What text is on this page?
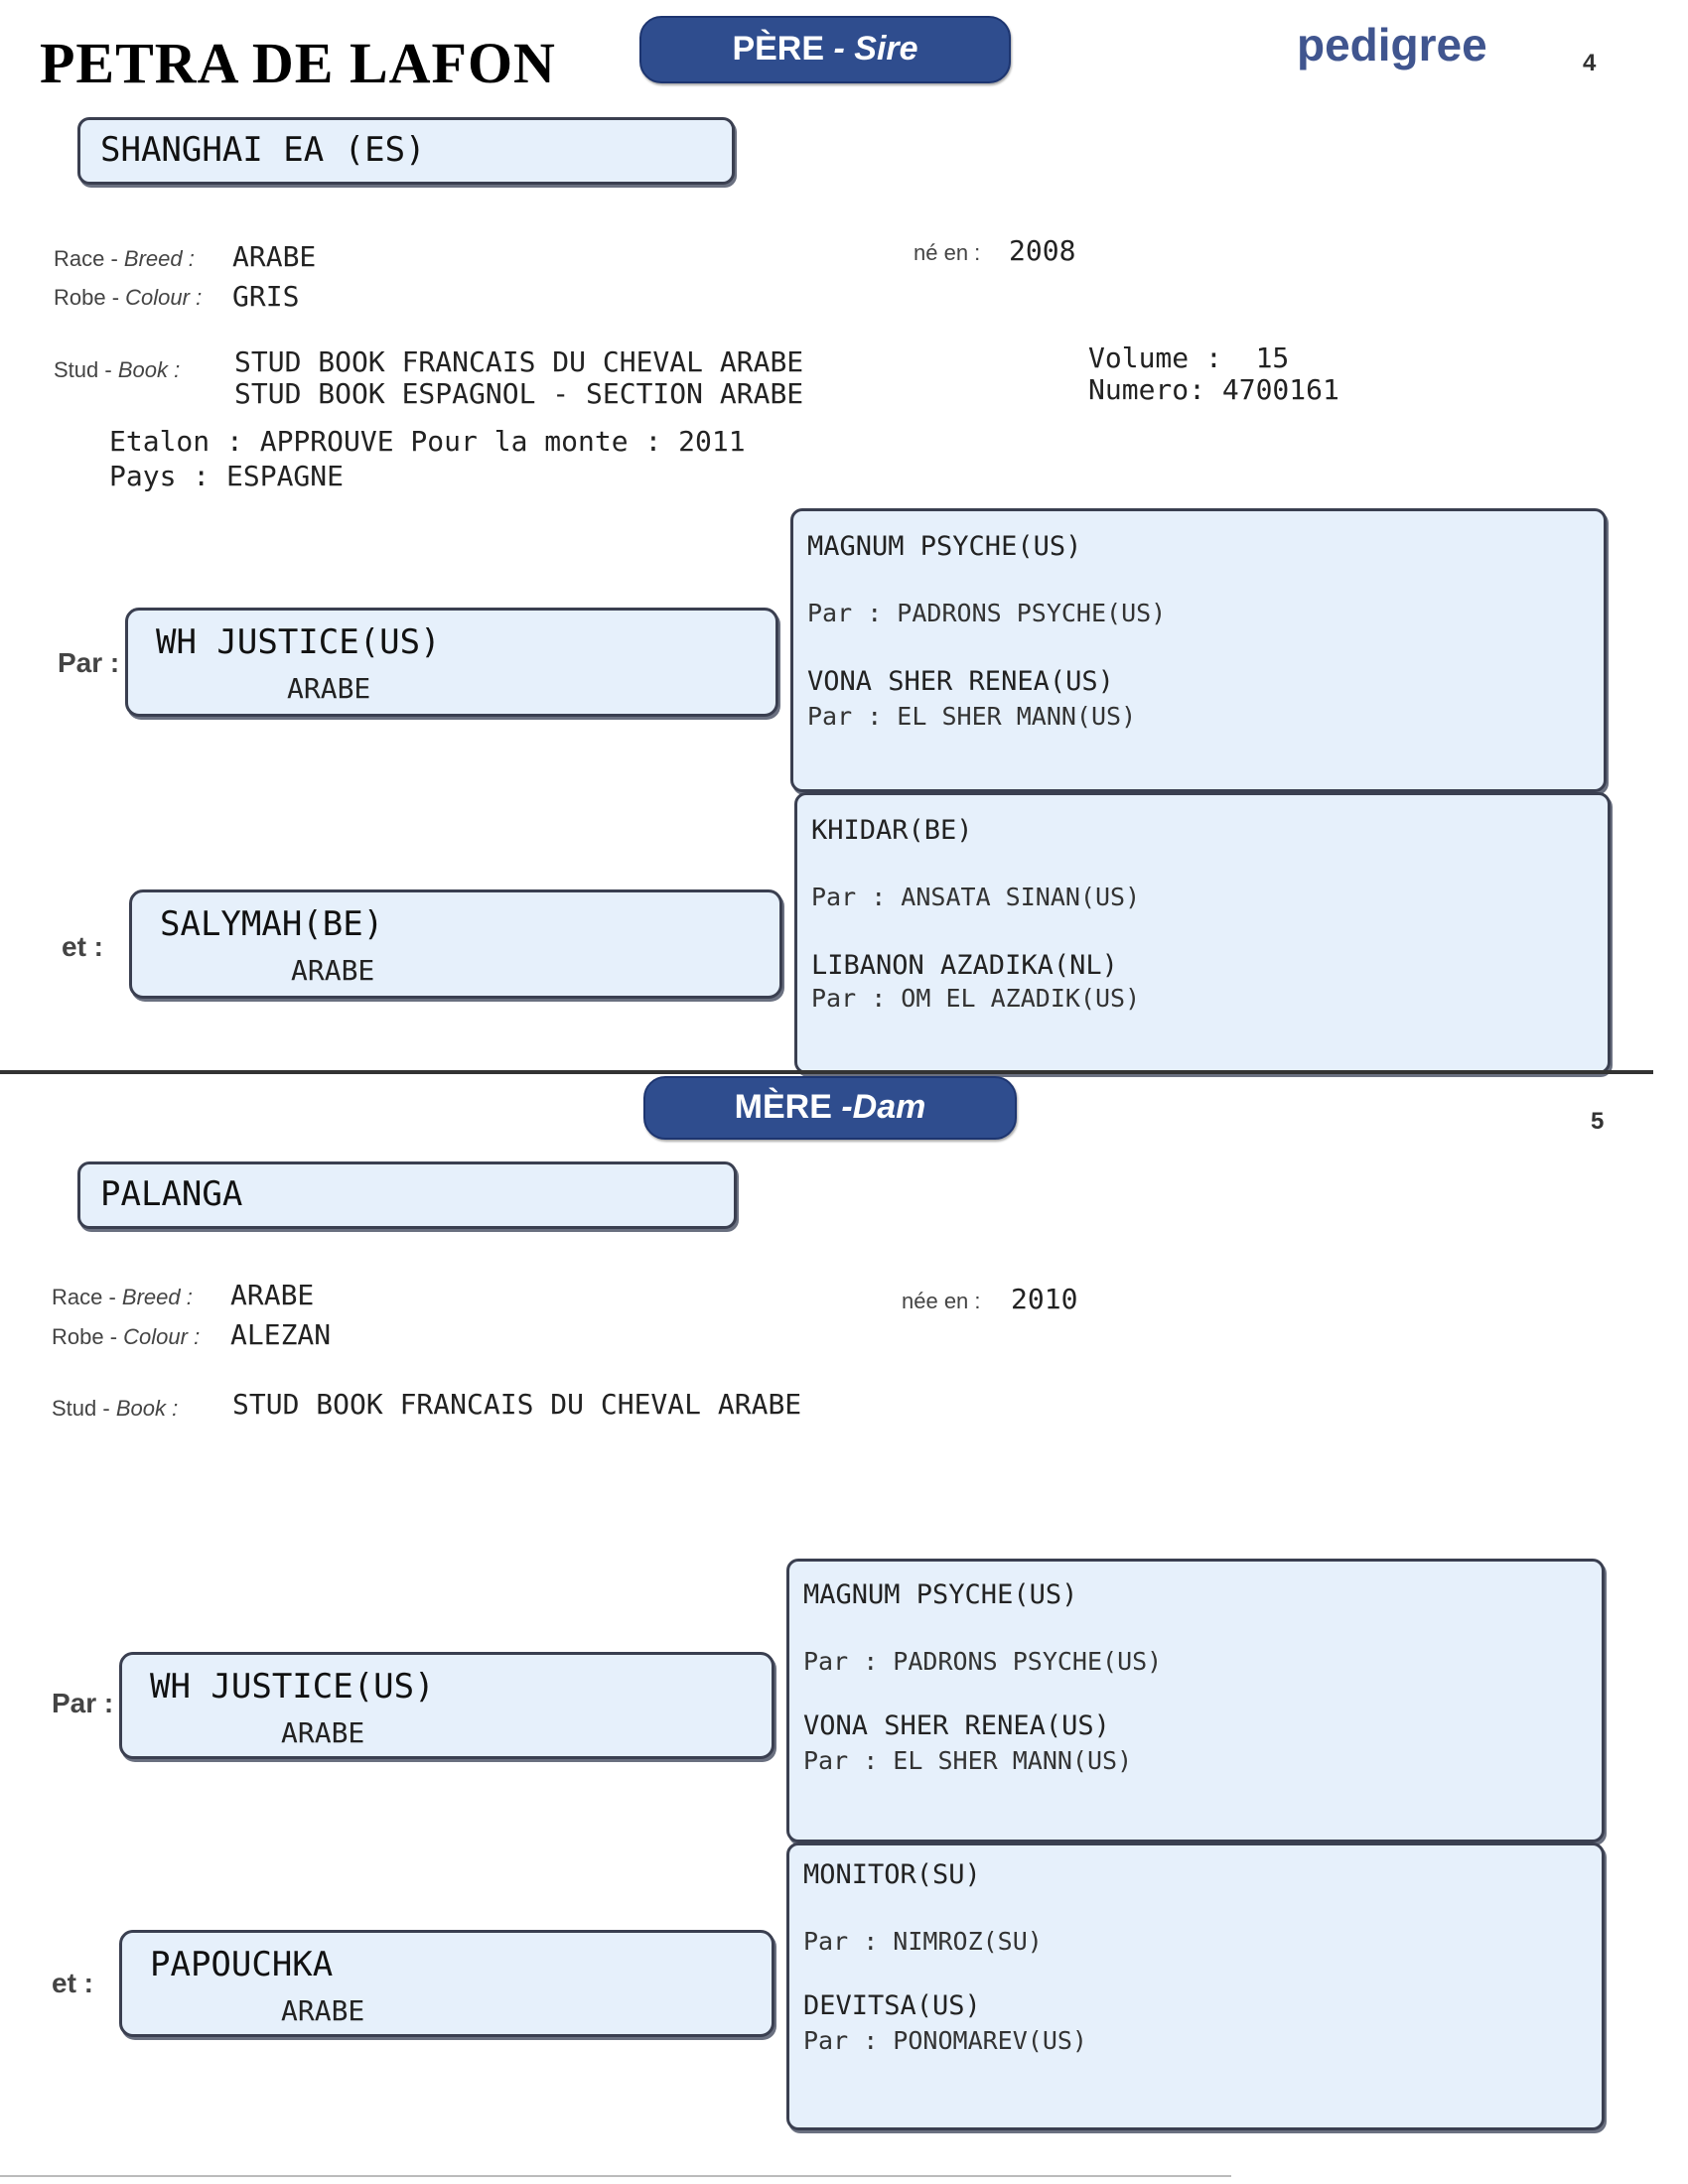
PETRA DE LAFON	PÈRE - Sire	pedigree	4
SHANGHAI EA (ES)
Race - Breed : ARABE
Robe - Colour : GRIS
né en : 2008
Stud - Book : STUD BOOK FRANCAIS DU CHEVAL ARABE
STUD BOOK ESPAGNOL - SECTION ARABE
Volume :  15
Numero: 4700161
Etalon : APPROUVE Pour la monte : 2011
Pays : ESPAGNE
Par :
WH JUSTICE(US)
ARABE
MAGNUM PSYCHE(US)
Par : PADRONS PSYCHE(US)
VONA SHER RENEA(US)
Par : EL SHER MANN(US)
et :
SALYMAH(BE)
ARABE
KHIDAR(BE)
Par : ANSATA SINAN(US)
LIBANON AZADIKA(NL)
Par : OM EL AZADIK(US)
MÈRE -Dam	5
PALANGA
Race - Breed : ARABE
Robe - Colour : ALEZAN
née en : 2010
Stud - Book : STUD BOOK FRANCAIS DU CHEVAL ARABE
Par : WH JUSTICE(US)
ARABE
MAGNUM PSYCHE(US)
Par : PADRONS PSYCHE(US)
VONA SHER RENEA(US)
Par : EL SHER MANN(US)
et : PAPOUCHKA
ARABE
MONITOR(SU)
Par : NIMROZ(SU)
DEVITSA(US)
Par : PONOMAREV(US)
